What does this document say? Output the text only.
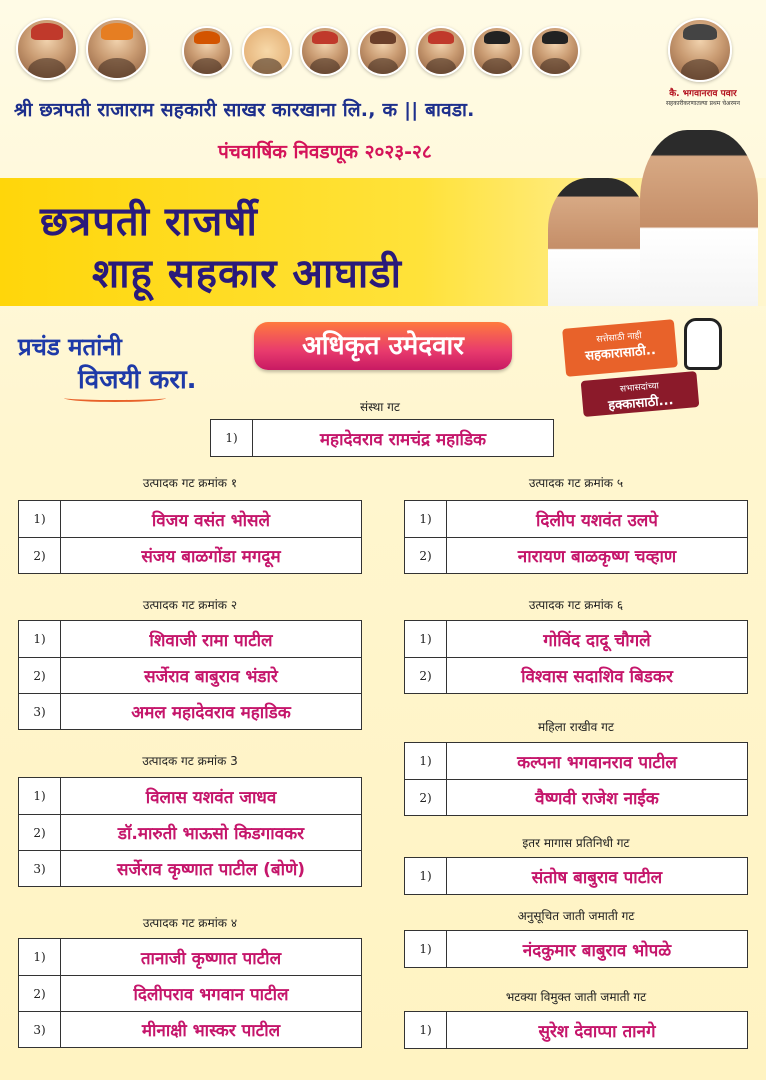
कै. भगवानराव पवार
सहकारीकरणातल्या प्रथम चेअरमन
श्री छत्रपती राजाराम सहकारी साखर कारखाना लि., क || बावडा.
पंचवार्षिक निवडणूक २०२३-२८
छत्रपती राजर्षी
शाहू सहकार आघाडी
प्रचंड मतांनी
विजयी करा.
अधिकृत उमेदवार	सत्तेसाठी नाही
सहकारासाठी..
सभासदांच्या
हक्कासाठी...
संस्था गट
1)	महादेवराव रामचंद्र महाडिक
उत्पादक गट क्रमांक १
1)	विजय वसंत भोसले
2)	संजय बाळगोंडा मगदूम
उत्पादक गट क्रमांक २
1)	शिवाजी रामा पाटील
2)	सर्जेराव बाबुराव भंडारे
3)	अमल महादेवराव महाडिक
उत्पादक गट क्रमांक 3
1)	विलास यशवंत जाधव
2)	डॉ.मारुती भाऊसो किडगावकर
3)	सर्जेराव कृष्णात पाटील (बोणे)
उत्पादक गट क्रमांक ४
1)	तानाजी कृष्णात पाटील
2)	दिलीपराव भगवान पाटील
3)	मीनाक्षी भास्कर पाटील
उत्पादक गट क्रमांक ५
1)	दिलीप यशवंत उलपे
2)	नारायण बाळकृष्ण चव्हाण
उत्पादक गट क्रमांक ६
1)	गोविंद दादू चौगले
2)	विश्वास सदाशिव बिडकर
महिला राखीव गट
1)	कल्पना भगवानराव पाटील
2)	वैष्णवी राजेश नाईक
इतर मागास प्रतिनिधी गट
1)	संतोष बाबुराव पाटील
अनुसूचित जाती जमाती गट
1)	नंदकुमार बाबुराव भोपळे
भटक्या विमुक्त जाती जमाती गट
1)	सुरेश देवाप्पा तानगे
